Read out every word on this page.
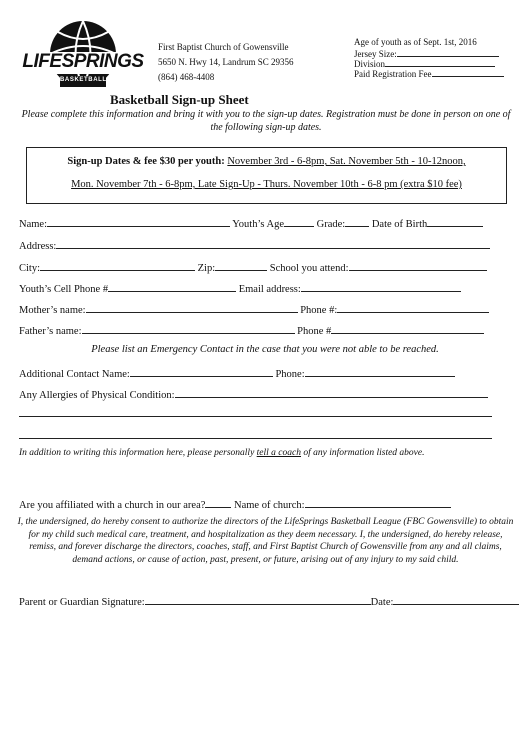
LIFESPRINGS
BASKETBALL
First Baptist Church of Gowensville
5650 N. Hwy 14, Landrum SC 29356
(864) 468-4408
Age of youth as of Sept. 1st, 2016
Jersey Size:
Division
Paid Registration Fee
Basketball Sign-up Sheet
Please complete this information and bring it with you to the sign-up dates. Registration must be done in person on one of the following sign-up dates.
Sign-up Dates & fee $30 per youth: November 3rd - 6-8pm, Sat. November 5th - 10-12noon,
Mon. November 7th - 6-8pm, Late Sign-Up - Thurs. November 10th - 6-8 pm (extra $10 fee)
Name:	Youth’s Age	Grade:	Date of Birth
Address:
City:	Zip:	School you attend:
Youth’s Cell Phone #	Email address:
Mother’s name:	Phone #:
Father’s name:	Phone #
Please list an Emergency Contact in the case that you were not able to be reached.
Additional Contact Name:	Phone:
Any Allergies of Physical Condition:
In addition to writing this information here, please personally tell a coach of any information listed above.
Are you affiliated with a church in our area?	Name of church:
I, the undersigned, do hereby consent to authorize the directors of the LifeSprings Basketball League (FBC Gowensville) to obtain for my child such medical care, treatment, and hospitalization as they deem necessary. I, the undersigned, do hereby release, remiss, and forever discharge the directors, coaches, staff, and First Baptist Church of Gowensville from any and all claims, demand actions, or cause of action, past, present, or future, arising out of any injury to my said child.
Parent or Guardian Signature:	Date:
